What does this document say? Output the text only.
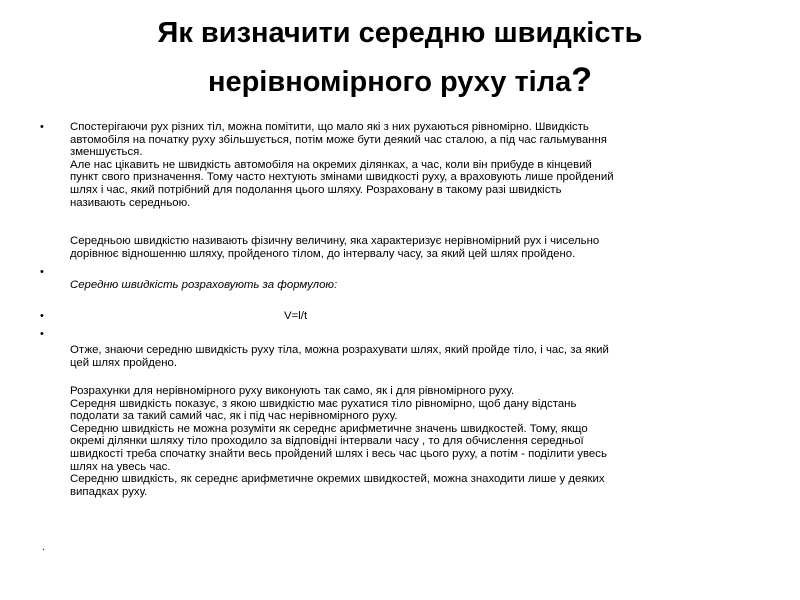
Як визначити середню швидкість
нерівномірного руху тіла?
• Спостерігаючи рух різних тіл, можна помітити, що мало які з них рухаються рівномірно. Швидкість
автомобіля на початку руху збільшується, потім може бути деякий час сталою, а під час гальмування
зменшується.
Але нас цікавить не швидкість автомобіля на окремих ділянках, а час, коли він прибуде в кінцевий
пункт свого призначення. Тому часто нехтують змінами швидкості руху, а враховують лише пройдений
шлях і час, який потрібний для подолання цього шляху. Розраховану в такому разі швидкість
називають середньою.
Середньою швидкістю називають фізичну величину, яка характеризує нерівномірний рух і чисельно
дорівнює відношенню шляху, пройденого тілом, до інтервалу часу, за який цей шлях пройдено.
•
Середню швидкість розраховують за формулою:
•	V=l/t
•
Отже, знаючи середню швидкість руху тіла, можна розрахувати шлях, який пройде тіло, і час, за який
цей шлях пройдено.
Розрахунки для нерівномірного руху виконують так само, як і для рівномірного руху.
Середня швидкість показує, з якою швидкістю має рухатися тіло рівномірно, щоб дану відстань
подолати за такий самий час, як і під час нерівномірного руху.
Середню швидкість не можна розуміти як середнє арифметичне значень швидкостей. Тому, якщо
окремі ділянки шляху тіло проходило за відповідні інтервали часу , то для обчислення середньої
швидкості треба спочатку знайти весь пройдений шлях і весь час цього руху, а потім - поділити увесь
шлях на увесь час.
Середню швидкість, як середнє арифметичне окремих швидкостей, можна знаходити лише у деяких
випадках руху.
.
